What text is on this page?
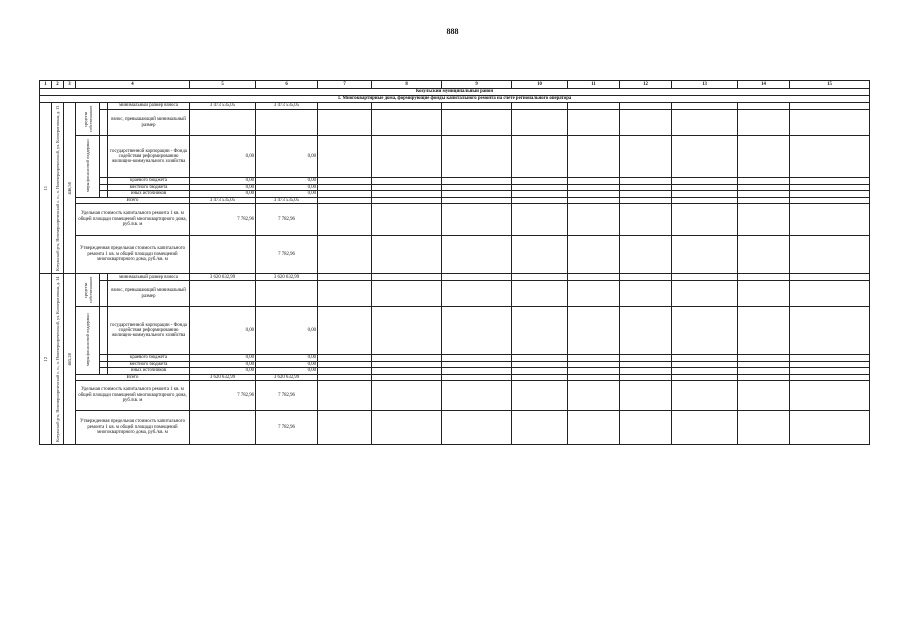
888
1	2	3	4			5	6	7	8	9	10	11	12	13	14	15
Козульский муниципальный район																
1. Многоквартирные дома, формирующие фонды капитального ремонта на счете регионального оператора																

11	Козульский р-н, Новочернореченский с. п., п. Новочернореченский, ул. Кооперативная, д. 13	446,50	средства собственников		минимальный размер взноса	3 473 535,05	3 473 535,05									
					взнос, превышающий минимальный размер											

			меры финансовой поддержки		государственной корпорации - Фонда содействия реформированию жилищно-коммунального хозяйства	0,00	0,00									
					краевого бюджета	0,00	0,00									
					местного бюджета	0,00	0,00									
					иных источников	0,00	0,00									
			Всего			3 473 535,05	3 473 535,05									
			Удельная стоимость капитального ремонта 1 кв. м общей площади помещений многоквартирного дома, руб./кв. м			7 782,96	7 782,96									
			Утвержденная предельная стоимость капитального ремонта 1 кв. м общей площади помещений многоквартирного дома, руб./кв. м				7 782,96									

12	Козульский р-н, Новочернореченский с. п., п. Новочернореченский, ул. Кооперативная, д. 14	465,20	средства собственников		минимальный размер взноса	3 620 632,99	3 620 632,99									
					взнос, превышающий минимальный размер											

			меры финансовой поддержки		государственной корпорации - Фонда содействия реформированию жилищно-коммунального хозяйства	0,00	0,00									
					краевого бюджета	0,00	0,00									
					местного бюджета	0,00	0,00									
					иных источников	0,00	0,00									
			Всего			3 620 632,99	3 620 632,99									
			Удельная стоимость капитального ремонта 1 кв. м общей площади помещений многоквартирного дома, руб./кв. м			7 782,96	7 782,96									
			Утвержденная предельная стоимость капитального ремонта 1 кв. м общей площади помещений многоквартирного дома, руб./кв. м				7 782,96									
